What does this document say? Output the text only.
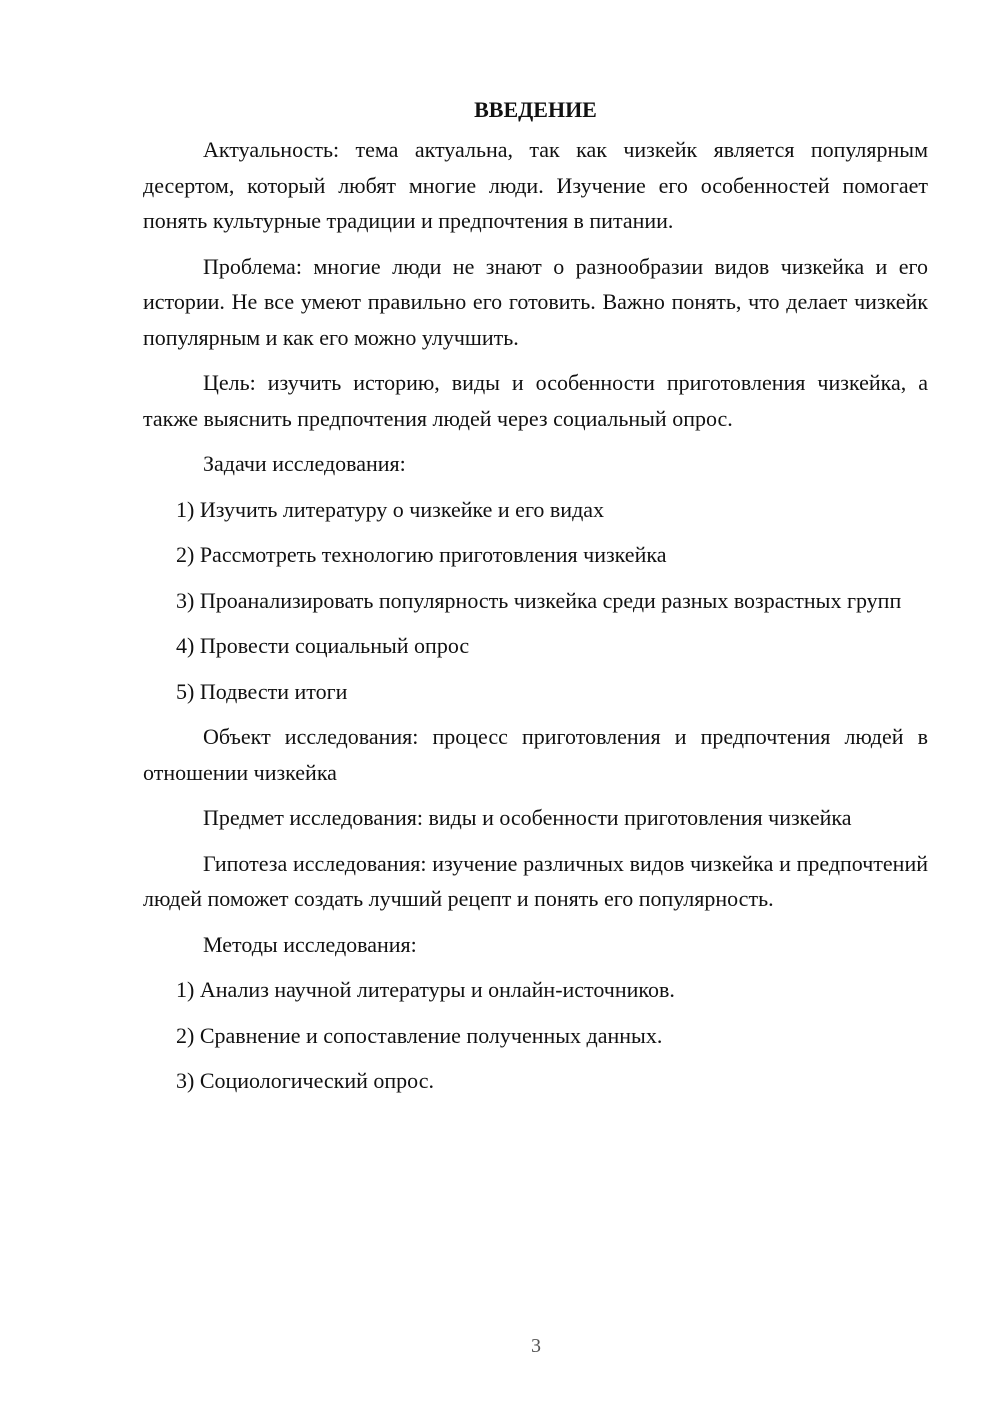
ВВЕДЕНИЕ

Актуальность: тема актуальна, так как чизкейк является популярным десертом, который любят многие люди. Изучение его особенностей помогает понять культурные традиции и предпочтения в питании.

Проблема: многие люди не знают о разнообразии видов чизкейка и его истории. Не все умеют правильно его готовить. Важно понять, что делает чизкейк популярным и как его можно улучшить.

Цель: изучить историю, виды и особенности приготовления чизкейка, а также выяснить предпочтения людей через социальный опрос.

Задачи исследования:

1) Изучить литературу о чизкейке и его видах

2) Рассмотреть технологию приготовления чизкейка

3) Проанализировать популярность чизкейка среди разных возрастных групп

4) Провести социальный опрос

5) Подвести итоги

Объект исследования: процесс приготовления и предпочтения людей в отношении чизкейка

Предмет исследования: виды и особенности приготовления чизкейка

Гипотеза исследования: изучение различных видов чизкейка и предпочтений людей поможет создать лучший рецепт и понять его популярность.

Методы исследования:

1) Анализ научной литературы и онлайн-источников.

2) Сравнение и сопоставление полученных данных.

3) Социологический опрос.

3
